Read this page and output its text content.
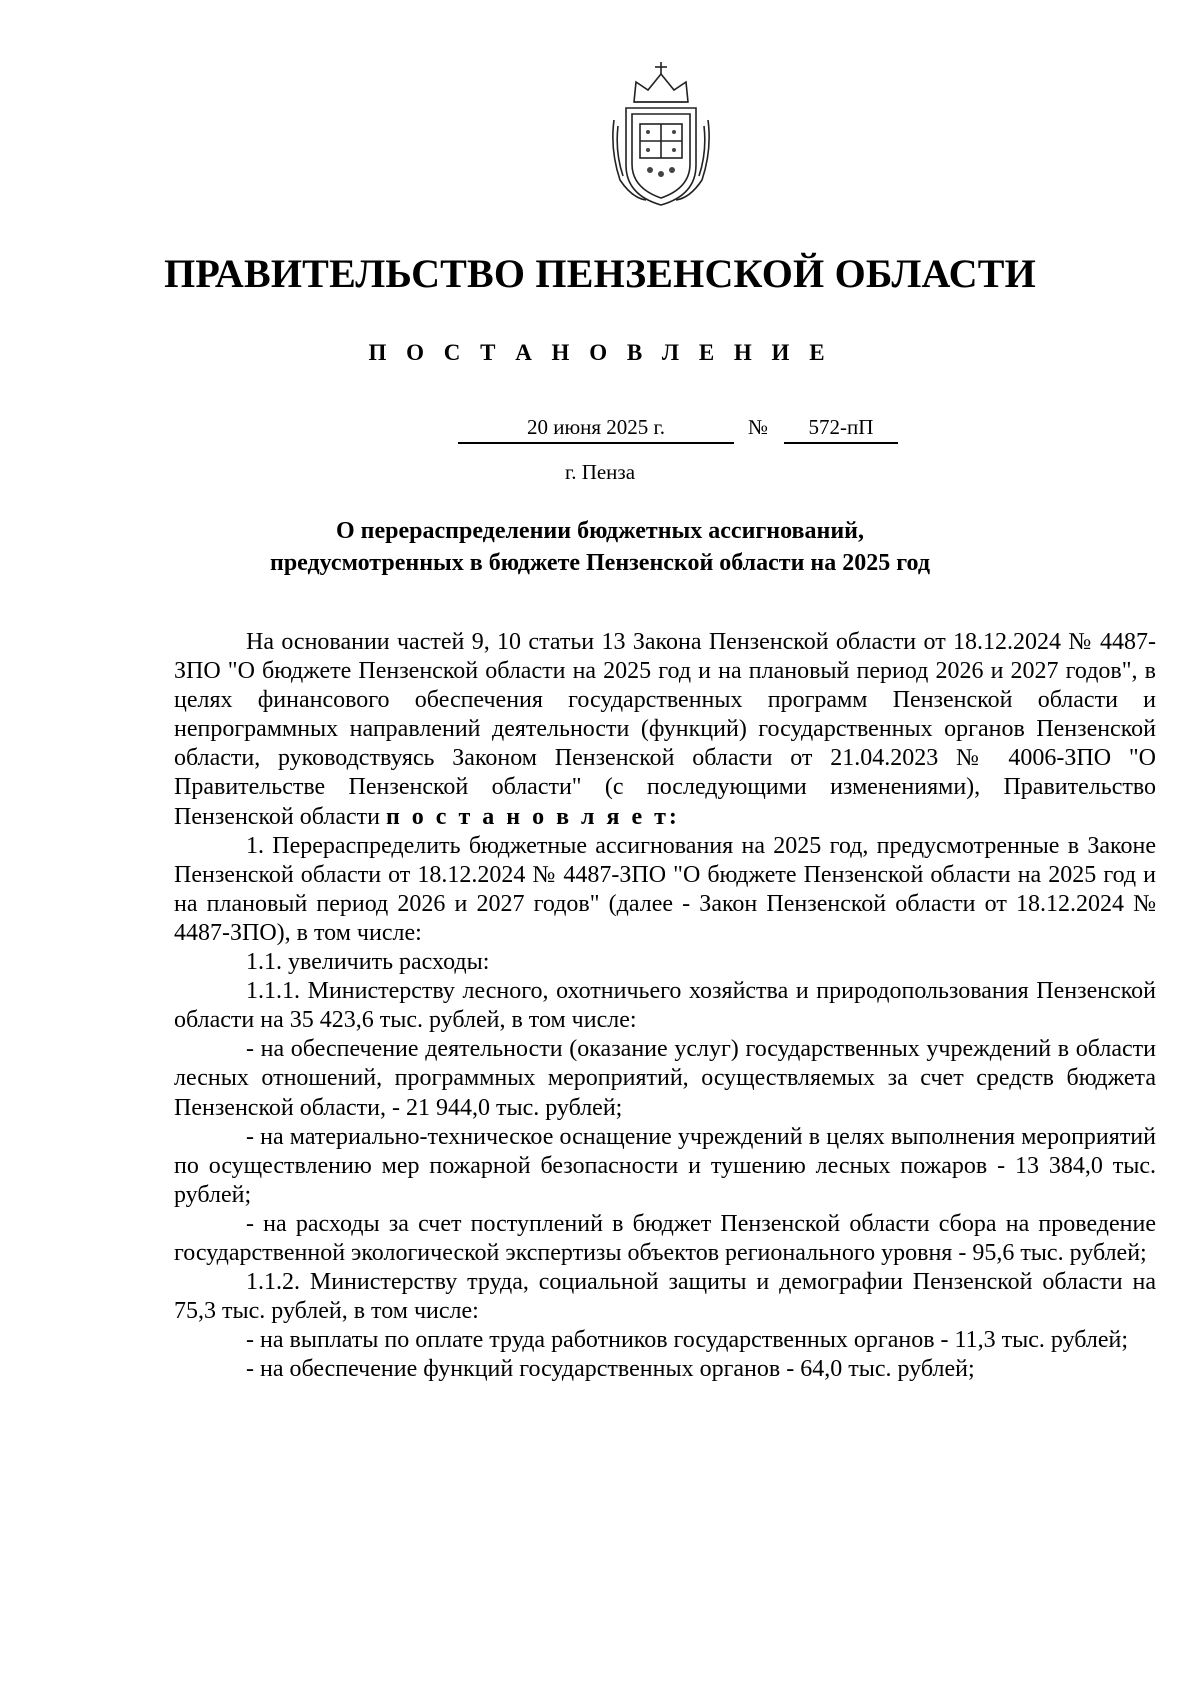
ПРАВИТЕЛЬСТВО ПЕНЗЕНСКОЙ ОБЛАСТИ
П О С Т А Н О В Л Е Н И Е
20 июня 2025 г.	№	572-пП
г. Пенза
О перераспределении бюджетных ассигнований,
предусмотренных в бюджете Пензенской области на 2025 год

На основании частей 9, 10 статьи 13 Закона Пензенской области от 18.12.2024 № 4487-ЗПО "О бюджете Пензенской области на 2025 год и на плановый период 2026 и 2027 годов", в целях финансового обеспечения государственных программ Пензенской области и непрограммных направлений деятельности (функций) государственных органов Пензенской области, руководствуясь Законом Пензенской области от 21.04.2023 № 4006-ЗПО "О Правительстве Пензенской области" (с последующими изменениями), Правительство Пензенской области п о с т а н о в л я е т:

1. Перераспределить бюджетные ассигнования на 2025 год, предусмотренные в Законе Пензенской области от 18.12.2024 № 4487-ЗПО "О бюджете Пензенской области на 2025 год и на плановый период 2026 и 2027 годов" (далее - Закон Пензенской области от 18.12.2024 № 4487-ЗПО), в том числе:

1.1. увеличить расходы:

1.1.1. Министерству лесного, охотничьего хозяйства и природопользования Пензенской области на 35 423,6 тыс. рублей, в том числе:

- на обеспечение деятельности (оказание услуг) государственных учреждений в области лесных отношений, программных мероприятий, осуществляемых за счет средств бюджета Пензенской области, - 21 944,0 тыс. рублей;

- на материально-техническое оснащение учреждений в целях выполнения мероприятий по осуществлению мер пожарной безопасности и тушению лесных пожаров - 13 384,0 тыс. рублей;

- на расходы за счет поступлений в бюджет Пензенской области сбора на проведение государственной экологической экспертизы объектов регионального уровня - 95,6 тыс. рублей;

1.1.2. Министерству труда, социальной защиты и демографии Пензенской области на 75,3 тыс. рублей, в том числе:

- на выплаты по оплате труда работников государственных органов - 11,3 тыс. рублей;

- на обеспечение функций государственных органов - 64,0 тыс. рублей;
